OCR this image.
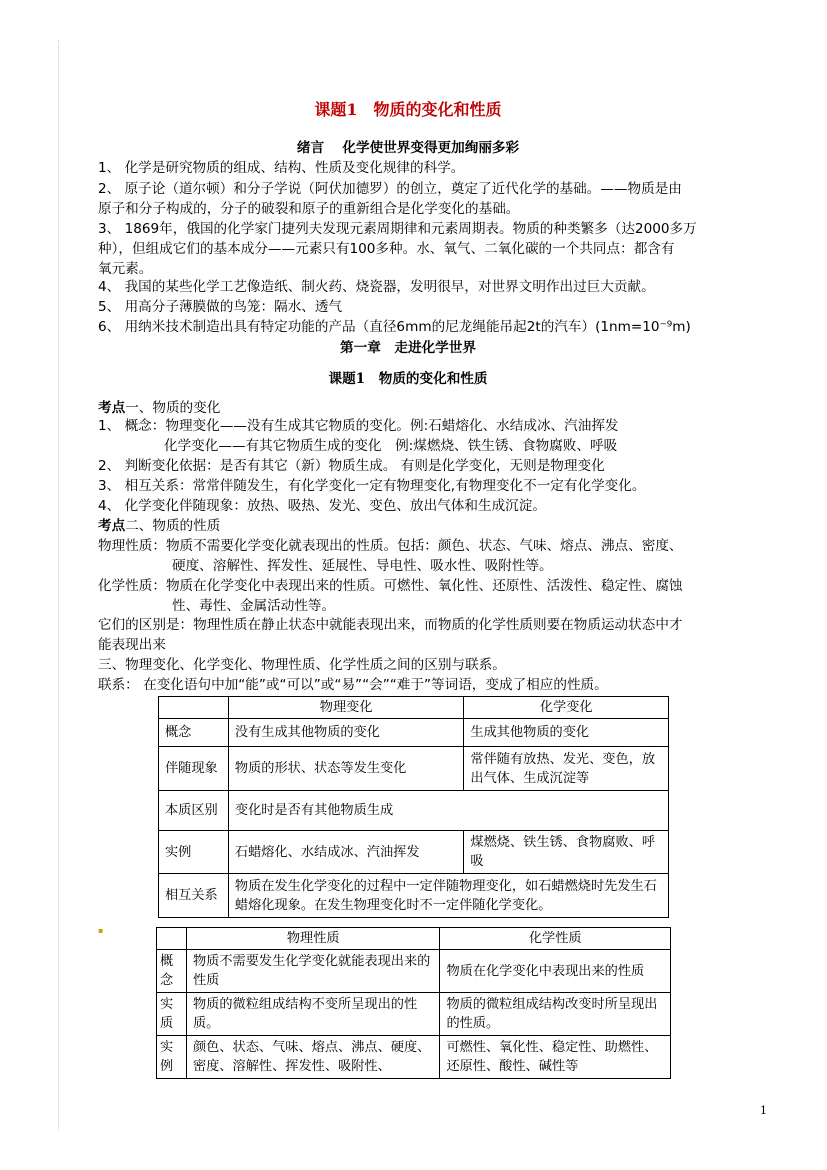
课题1　物质的变化和性质
绪言　 化学使世界变得更加绚丽多彩
1、 化学是研究物质的组成、结构、性质及变化规律的科学。
2、 原子论（道尔顿）和分子学说（阿伏加德罗）的创立，奠定了近代化学的基础。——物质是由
原子和分子构成的，分子的破裂和原子的重新组合是化学变化的基础。
3、 1869年，俄国的化学家门捷列夫发现元素周期律和元素周期表。物质的种类繁多（达2000多万
种），但组成它们的基本成分——元素只有100多种。水、氧气、二氧化碳的一个共同点：都含有
氧元素。
4、 我国的某些化学工艺像造纸、制火药、烧瓷器，发明很早，对世界文明作出过巨大贡献。
5、 用高分子薄膜做的鸟笼：隔水、透气
6、 用纳米技术制造出具有特定功能的产品（直径6mm的尼龙绳能吊起2t的汽车）(1nm=10⁻⁹m)
第一章　走进化学世界
课题1　物质的变化和性质
考点一、物质的变化
1、 概念：物理变化——没有生成其它物质的变化。例:石蜡熔化、水结成冰、汽油挥发
化学变化——有其它物质生成的变化　例:煤燃烧、铁生锈、食物腐败、呼吸
2、 判断变化依据：是否有其它（新）物质生成。 有则是化学变化，无则是物理变化
3、 相互关系：常常伴随发生，有化学变化一定有物理变化,有物理变化不一定有化学变化。
4、 化学变化伴随现象：放热、吸热、发光、变色、放出气体和生成沉淀。
考点二、物质的性质
物理性质：物质不需要化学变化就表现出的性质。包括：颜色、状态、气味、熔点、沸点、密度、
硬度、溶解性、挥发性、延展性、导电性、吸水性、吸附性等。
化学性质：物质在化学变化中表现出来的性质。可燃性、氧化性、还原性、活泼性、稳定性、腐蚀
性、毒性、金属活动性等。
它们的区别是：物理性质在静止状态中就能表现出来，而物质的化学性质则要在物质运动状态中才
能表现出来
三、物理变化、化学变化、物理性质、化学性质之间的区别与联系。
联系： 在变化语句中加“能”或“可以”或“易”“会”“难于”等词语，变成了相应的性质。
	物理变化	化学变化
概念	没有生成其他物质的变化	生成其他物质的变化
伴随现象	物质的形状、状态等发生变化	常伴随有放热、发光、变色，放出气体、生成沉淀等
本质区别	变化时是否有其他物质生成	
实例	石蜡熔化、水结成冰、汽油挥发	煤燃烧、铁生锈、食物腐败、呼吸
相互关系	物质在发生化学变化的过程中一定伴随物理变化，如石蜡燃烧时先发生石蜡熔化现象。在发生物理变化时不一定伴随化学变化。	
▪
	物理性质	化学性质
概念	物质不需要发生化学变化就能表现出来的性质	物质在化学变化中表现出来的性质
实质	物质的微粒组成结构不变所呈现出的性质。	物质的微粒组成结构改变时所呈现出的性质。
实例	颜色、状态、气味、熔点、沸点、硬度、密度、溶解性、挥发性、吸附性、	可燃性、氧化性、稳定性、助燃性、还原性、酸性、碱性等
1
